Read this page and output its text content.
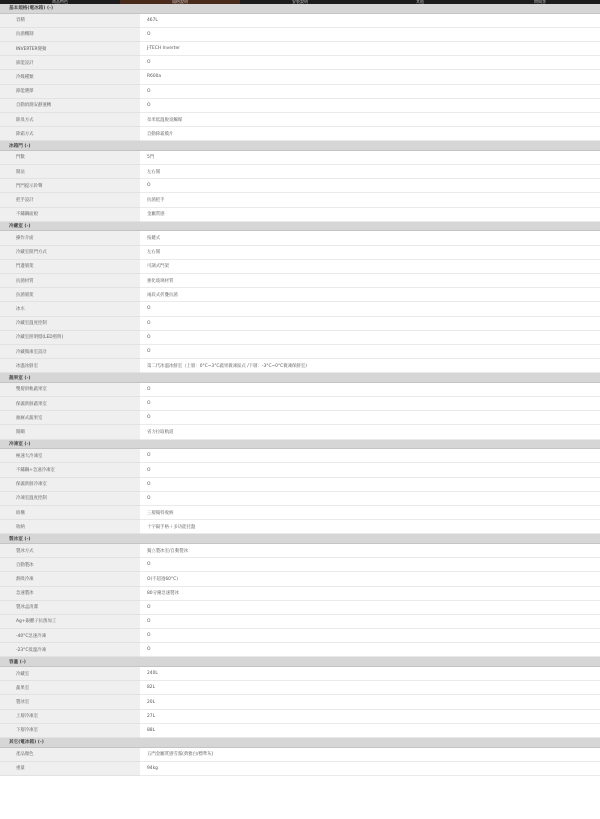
商品特色	規格說明	安裝說明	其他	問與答
基本規格(電冰箱) (-)
容積	467L
抗菌機制	O
INVERTER變頻	J-TECH Inverter
節能設計	O
冷媒種類	R600a
節能選擇	O
自動偵測安靜運轉	O
除臭方式	奈米低溫脫臭觸媒
除霜方式	自動除霜膜片
冰箱門 (-)
門數	5門
開法	左右開
門門提示鈴聲	O
把手設計	抗菌把手
不鏽鋼面板	金屬質感
冷藏室 (-)
操作介面	按鍵式
冷藏室開門方式	左右開
門邊層架	可調式門架
抗菌材質	強化玻璃材質
抗菌層架	兩段式折疊抗菌
冰水	O
冷藏室溫度控制	O
冷藏室照明燈(LED照明)	O
冷藏微凍室設計	O
冰溫冰鮮室	第二代冰溫冰鮮室（上層：0°C~3°C蔬果微凍區式 /下層：-3°C~0°C微凍保鮮室)
蔬果室 (-)
雙層滑軌蔬果室	O
保濕新鮮蔬果室	O
抽屜式蔬果室	O
開關	省力拉取軌道
冷凍室 (-)
極速大冷凍室	O
不鏽鋼+急速冷凍室	O
保濕新鮮冷凍室	O
冷凍室溫度控制	O
結構	三層獨特收納
收納	十字隔手格＋多功能托盤
製冰室 (-)
製冰方式	獨立製冰室/自動製冰
自動製冰	O
熱吸冷凍	O(不超過60°C)
急速製冰	80分鐘急速製冰
製冰盒清潔	O
Ag+銀離子抗菌加工	O
-40°C急速冷凍	O
-23°C低溫冷凍	O
容量 (-)
冷藏室	240L
蔬果室	82L
製冰室	20L
上層冷凍室	27L
下層冷凍室	88L
其它(電冰箱) (-)
產品顏色	五門金屬質感雪霧(典雅白/標準灰)
重量	94kg
